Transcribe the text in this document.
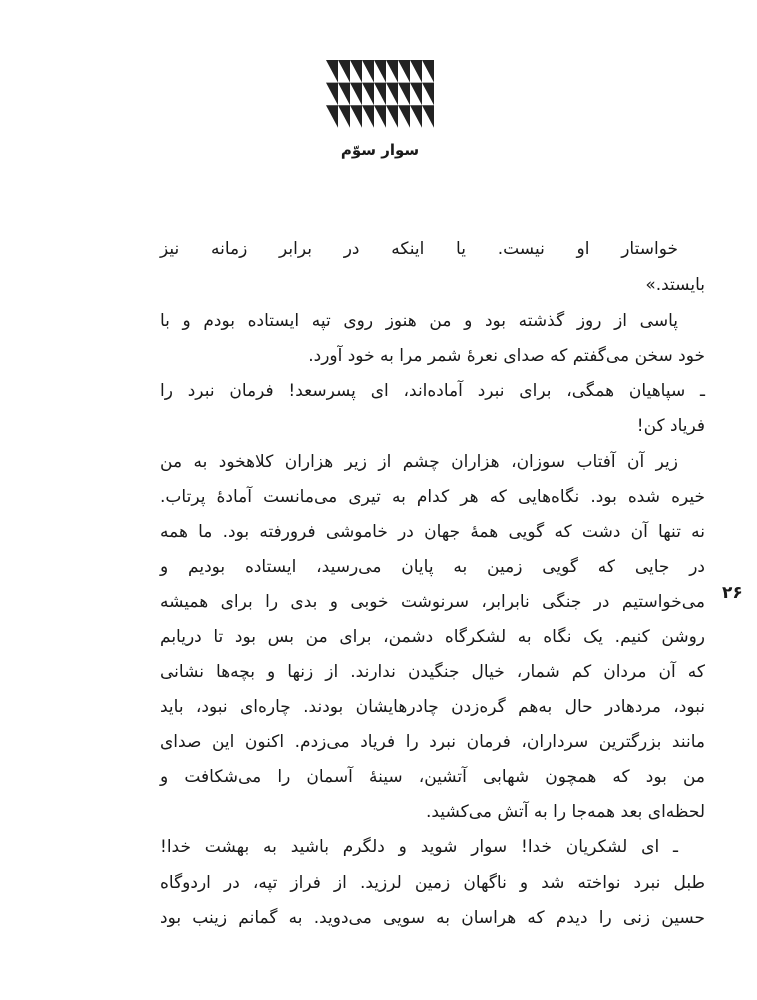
سوار سوّم
۲۶
خواستار او نیست. یا اینکه در برابر زمانه نیز
بایستد.»
پاسی از روز گذشته بود و من هنوز روی تپه ایستاده بودم و با
خود سخن می‌گفتم که صدای نعرهٔ شمر مرا به خود آورد.
ـ سپاهیان همگی، برای نبرد آماده‌اند، ای پسرسعد! فرمان نبرد را
فریاد کن!
زیر آن آفتاب سوزان، هزاران چشم از زیر هزاران کلاهخود به من
خیره شده بود. نگاه‌هایی که هر کدام به تیری می‌مانست آمادهٔ پرتاب.
نه تنها آن دشت که گویی همهٔ جهان در خاموشی فرورفته بود. ما همه
در جایی که گویی زمین به پایان می‌رسید، ایستاده بودیم و
می‌خواستیم در جنگی نابرابر، سرنوشت خوبی و بدی را برای همیشه
روشن کنیم. یک نگاه به لشکرگاه دشمن، برای من بس بود تا دریابم
که آن مردان کم شمار، خیال جنگیدن ندارند. از زنها و بچه‌ها نشانی
نبود، مردهادر حال به‌هم گره‌زدن چادرهایشان بودند. چاره‌ای نبود، باید
مانند بزرگترین سرداران، فرمان نبرد را فریاد می‌زدم. اکنون این صدای
من بود که همچون شهابی آتشین، سینهٔ آسمان را می‌شکافت و
لحظه‌ای بعد همه‌جا را به آتش می‌کشید.
ـ ای لشکریان خدا! سوار شوید و دلگرم باشید به بهشت خدا!
طبل نبرد نواخته شد و ناگهان زمین لرزید. از فراز تپه، در اردوگاه
حسین زنی را دیدم که هراسان به سویی می‌دوید. به گمانم زینب بود
